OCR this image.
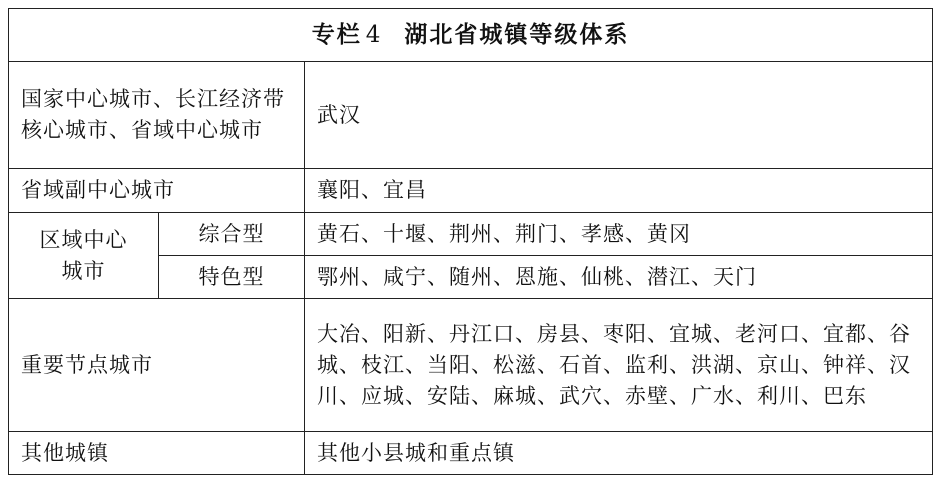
专栏 4 湖北省城镇等级体系		
国家中心城市、长江经济带核心城市、省域中心城市		武汉
省域副中心城市		襄阳、宜昌
区域中心城市	综合型	黄石、十堰、荆州、荆门、孝感、黄冈
	特色型	鄂州、咸宁、随州、恩施、仙桃、潜江、天门
重要节点城市		大冶、阳新、丹江口、房县、枣阳、宜城、老河口、宜都、谷城、枝江、当阳、松滋、石首、监利、洪湖、京山、钟祥、汉川、应城、安陆、麻城、武穴、赤壁、广水、利川、巴东
其他城镇		其他小县城和重点镇
